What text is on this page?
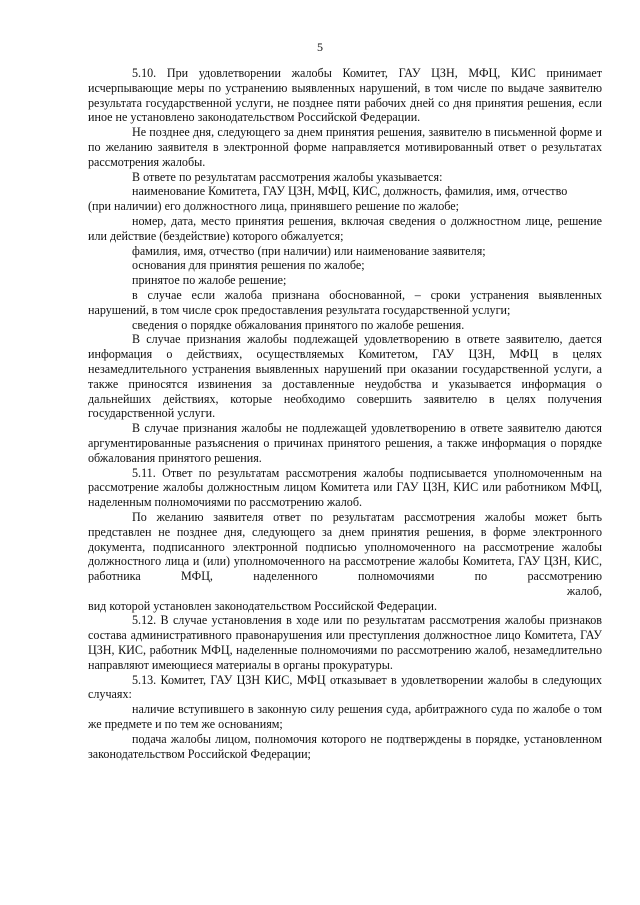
5

5.10. При удовлетворении жалобы Комитет, ГАУ ЦЗН, МФЦ, КИС принимает исчерпывающие меры по устранению выявленных нарушений, в том числе по выдаче заявителю результата государственной услуги, не позднее пяти рабочих дней со дня принятия решения, если иное не установлено законодательством Российской Федерации.

Не позднее дня, следующего за днем принятия решения, заявителю в письменной форме и по желанию заявителя в электронной форме направляется мотивированный ответ о результатах рассмотрения жалобы.

В ответе по результатам рассмотрения жалобы указывается:

наименование Комитета, ГАУ ЦЗН, МФЦ, КИС, должность, фамилия, имя, отчество

(при наличии) его должностного лица, принявшего решение по жалобе;

номер, дата, место принятия решения, включая сведения о должностном лице, решение или действие (бездействие) которого обжалуется;

фамилия, имя, отчество (при наличии) или наименование заявителя;

основания для принятия решения по жалобе;

принятое по жалобе решение;

в случае если жалоба признана обоснованной, – сроки устранения выявленных нарушений, в том числе срок предоставления результата государственной услуги;

сведения о порядке обжалования принятого по жалобе решения.

В случае признания жалобы подлежащей удовлетворению в ответе заявителю, дается информация о действиях, осуществляемых Комитетом, ГАУ ЦЗН, МФЦ в целях незамедлительного устранения выявленных нарушений при оказании государственной услуги, а также приносятся извинения за доставленные неудобства и указывается информация о дальнейших действиях, которые необходимо совершить заявителю в целях получения государственной услуги.

В случае признания жалобы не подлежащей удовлетворению в ответе заявителю даются аргументированные разъяснения о причинах принятого решения, а также информация о порядке обжалования принятого решения.

5.11. Ответ по результатам рассмотрения жалобы подписывается уполномоченным на рассмотрение жалобы должностным лицом Комитета или ГАУ ЦЗН, КИС или работником МФЦ, наделенным полномочиями по рассмотрению жалоб.

По желанию заявителя ответ по результатам рассмотрения жалобы может быть представлен не позднее дня, следующего за днем принятия решения, в форме электронного документа, подписанного электронной подписью уполномоченного на рассмотрение жалобы должностного лица и (или) уполномоченного на рассмотрение жалобы Комитета, ГАУ ЦЗН, КИС, работника МФЦ, наделенного полномочиями по рассмотрению

жалоб,

вид которой установлен законодательством Российской Федерации.

5.12. В случае установления в ходе или по результатам рассмотрения жалобы признаков состава административного правонарушения или преступления должностное лицо Комитета, ГАУ ЦЗН, КИС, работник МФЦ, наделенные полномочиями по рассмотрению жалоб, незамедлительно направляют имеющиеся материалы в органы прокуратуры.

5.13. Комитет, ГАУ ЦЗН КИС, МФЦ отказывает в удовлетворении жалобы в следующих случаях:

наличие вступившего в законную силу решения суда, арбитражного суда по жалобе о том же предмете и по тем же основаниям;

подача жалобы лицом, полномочия которого не подтверждены в порядке, установленном законодательством Российской Федерации;
